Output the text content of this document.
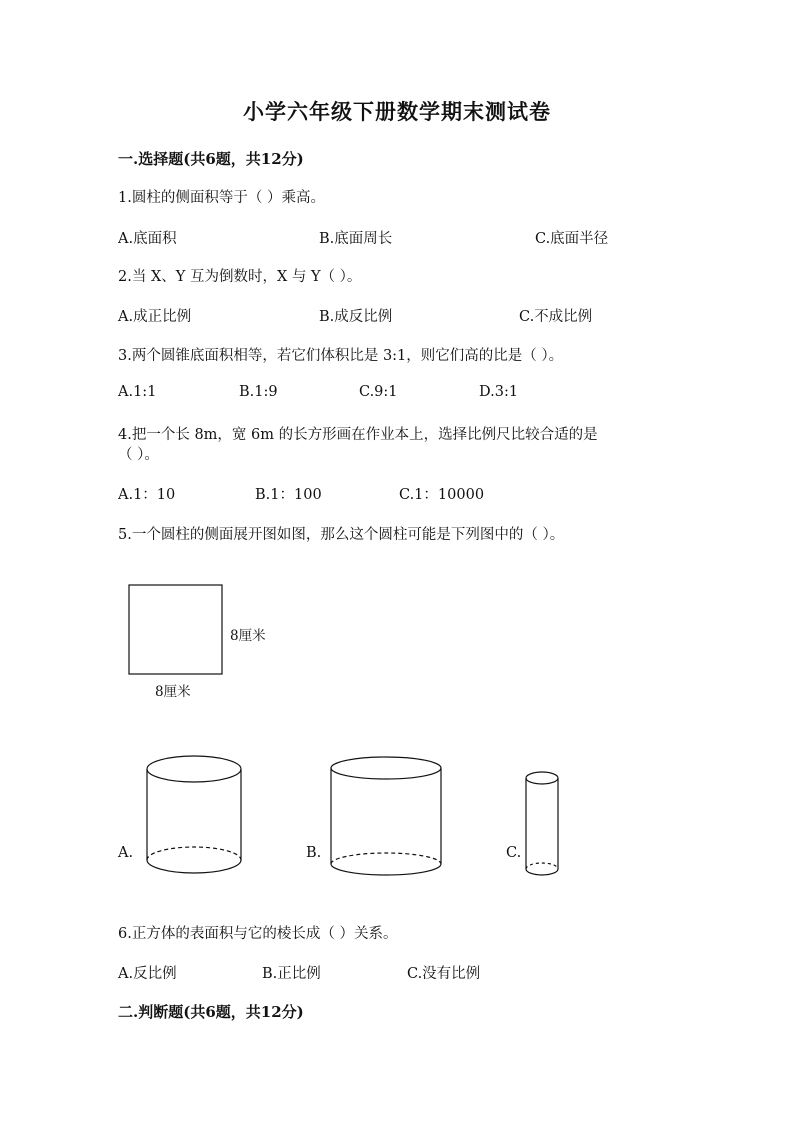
小学六年级下册数学期末测试卷
一.选择题(共6题，共12分)
1.圆柱的侧面积等于（ ）乘高。
A.底面积	B.底面周长	C.底面半径
2.当 X、Y 互为倒数时，X 与 Y（ ）。
A.成正比例	B.成反比例	C.不成比例
3.两个圆锥底面积相等，若它们体积比是 3:1，则它们高的比是（ ）。
A.1:1	B.1:9	C.9:1	D.3:1
4.把一个长 8m，宽 6m 的长方形画在作业本上，选择比例尺比较合适的是
（ ）。
A.1：10	B.1：100	C.1：10000
5.一个圆柱的侧面展开图如图，那么这个圆柱可能是下列图中的（ ）。
8厘米
8厘米
A.	B.	C.
6.正方体的表面积与它的棱长成（ ）关系。
A.反比例	B.正比例	C.没有比例
二.判断题(共6题，共12分)
